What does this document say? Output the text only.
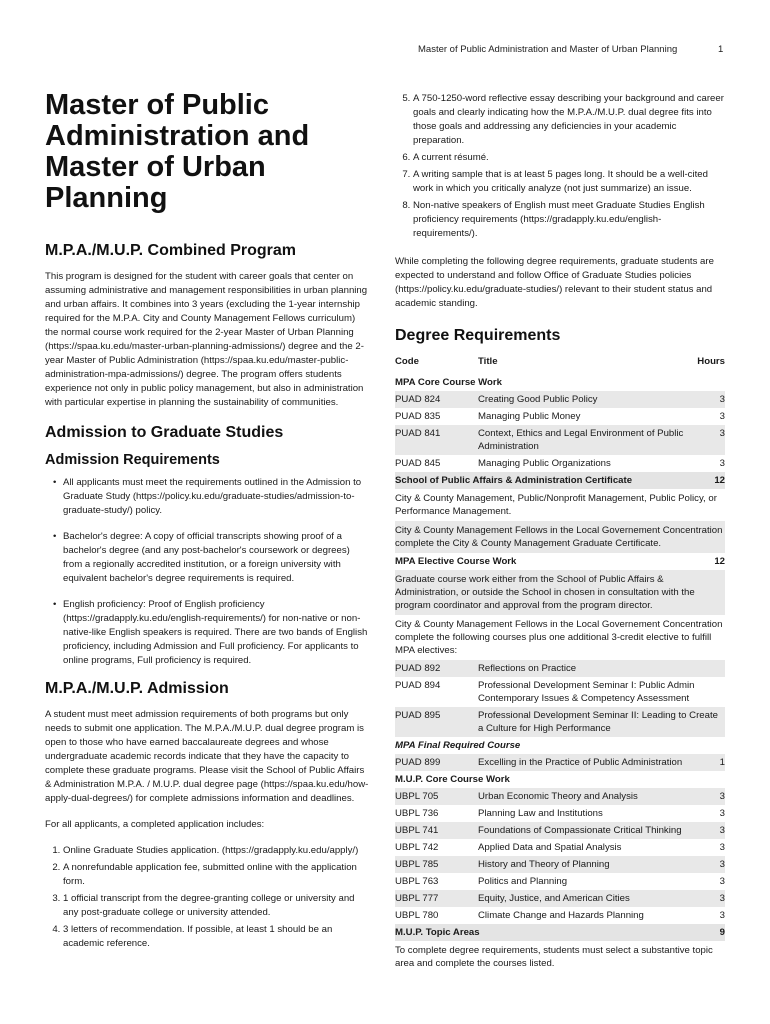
Master of Public Administration and Master of Urban Planning	1
Master of Public Administration and Master of Urban Planning
M.P.A./M.U.P. Combined Program

This program is designed for the student with career goals that center on assuming administrative and management responsibilities in urban planning and urban affairs. It combines into 3 years (excluding the 1-year internship required for the M.P.A. City and County Management Fellows curriculum) the normal course work required for the 2-year Master of Urban Planning (https://spaa.ku.edu/master-urban-planning-admissions/) degree and the 2-year Master of Public Administration (https://spaa.ku.edu/master-public-administration-mpa-admissions/) degree. The program offers students experience not only in public policy management, but also in administration with particular expertise in planning the sustainability of communities.

Admission to Graduate Studies
Admission Requirements
• All applicants must meet the requirements outlined in the Admission to Graduate Study (https://policy.ku.edu/graduate-studies/admission-to-graduate-study/) policy.
• Bachelor's degree: A copy of official transcripts showing proof of a bachelor's degree (and any post-bachelor's coursework or degrees) from a regionally accredited institution, or a foreign university with equivalent bachelor's degree requirements is required.
• English proficiency: Proof of English proficiency (https://gradapply.ku.edu/english-requirements/) for non-native or non-native-like English speakers is required. There are two bands of English proficiency, including Admission and Full proficiency. For applicants to online programs, Full proficiency is required.
M.P.A./M.U.P. Admission

A student must meet admission requirements of both programs but only needs to submit one application. The M.P.A./M.U.P. dual degree program is open to those who have earned baccalaureate degrees and whose undergraduate academic records indicate that they have the capacity to complete these graduate programs. Please visit the School of Public Affairs & Administration M.P.A. / M.U.P. dual degree page (https://spaa.ku.edu/how-apply-dual-degrees/) for complete admissions information and deadlines.

For all applicants, a completed application includes:

1. Online Graduate Studies application. (https://gradapply.ku.edu/apply/)
2. A nonrefundable application fee, submitted online with the application form.
3. 1 official transcript from the degree-granting college or university and any post-graduate college or university attended.
4. 3 letters of recommendation. If possible, at least 1 should be an academic reference.
5. A 750-1250-word reflective essay describing your background and career goals and clearly indicating how the M.P.A./M.U.P. dual degree fits into those goals and addressing any deficiencies in your academic preparation.
6. A current résumé.
7. A writing sample that is at least 5 pages long. It should be a well-cited work in which you critically analyze (not just summarize) an issue.
8. Non-native speakers of English must meet Graduate Studies English proficiency requirements (https://gradapply.ku.edu/english-requirements/).

While completing the following degree requirements, graduate students are expected to understand and follow Office of Graduate Studies policies (https://policy.ku.edu/graduate-studies/) relevant to their student status and academic standing.

Degree Requirements
Code	Title	Hours
MPA Core Course Work		
PUAD 824	Creating Good Public Policy	3
PUAD 835	Managing Public Money	3
PUAD 841	Context, Ethics and Legal Environment of Public Administration	3
PUAD 845	Managing Public Organizations	3
School of Public Affairs & Administration Certificate		12
City & County Management, Public/Nonprofit Management, Public Policy, or Performance Management.		
City & County Management Fellows in the Local Governement Concentration complete the City & County Management Graduate Certificate.		
MPA Elective Course Work		12
Graduate course work either from the School of Public Affairs & Administration, or outside the School in chosen in consultation with the program coordinator and approval from the program director.		
City & County Management Fellows in the Local Governement Concentration complete the following courses plus one additional 3-credit elective to fulfill MPA electives:		
PUAD 892	Reflections on Practice	
PUAD 894	Professional Development Seminar I: Public Admin Contemporary Issues & Competency Assessment	
PUAD 895	Professional Development Seminar II: Leading to Create a Culture for High Performance	
MPA Final Required Course		
PUAD 899	Excelling in the Practice of Public Administration	1
M.U.P. Core Course Work		
UBPL 705	Urban Economic Theory and Analysis	3
UBPL 736	Planning Law and Institutions	3
UBPL 741	Foundations of Compassionate Critical Thinking	3
UBPL 742	Applied Data and Spatial Analysis	3
UBPL 785	History and Theory of Planning	3
UBPL 763	Politics and Planning	3
UBPL 777	Equity, Justice, and American Cities	3
UBPL 780	Climate Change and Hazards Planning	3
M.U.P. Topic Areas		9
To complete degree requirements, students must select a substantive topic area and complete the courses listed.		
